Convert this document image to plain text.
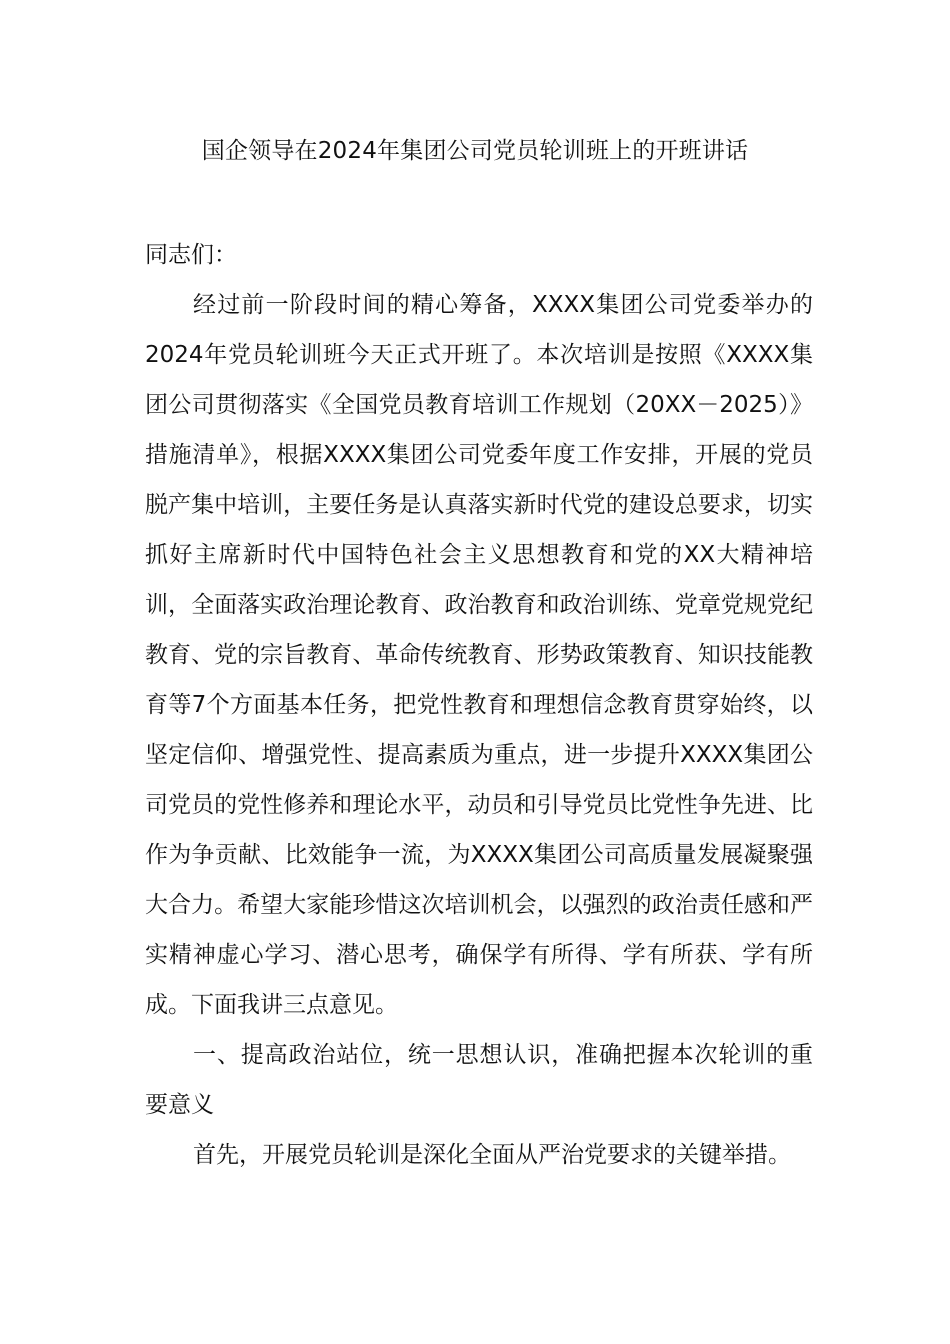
国企领导在2024年集团公司党员轮训班上的开班讲话

同志们：

经过前一阶段时间的精心筹备，XXXX集团公司党委举办的2024年党员轮训班今天正式开班了。本次培训是按照《XXXX集团公司贯彻落实《全国党员教育培训工作规划（20XX－2025）》措施清单》，根据XXXX集团公司党委年度工作安排，开展的党员脱产集中培训，主要任务是认真落实新时代党的建设总要求，切实抓好主席新时代中国特色社会主义思想教育和党的XX大精神培训，全面落实政治理论教育、政治教育和政治训练、党章党规党纪教育、党的宗旨教育、革命传统教育、形势政策教育、知识技能教育等7个方面基本任务，把党性教育和理想信念教育贯穿始终，以坚定信仰、增强党性、提高素质为重点，进一步提升XXXX集团公司党员的党性修养和理论水平，动员和引导党员比党性争先进、比作为争贡献、比效能争一流，为XXXX集团公司高质量发展凝聚强大合力。希望大家能珍惜这次培训机会，以强烈的政治责任感和严实精神虚心学习、潜心思考，确保学有所得、学有所获、学有所成。下面我讲三点意见。

一、提高政治站位，统一思想认识，准确把握本次轮训的重要意义

首先，开展党员轮训是深化全面从严治党要求的关键举措。
